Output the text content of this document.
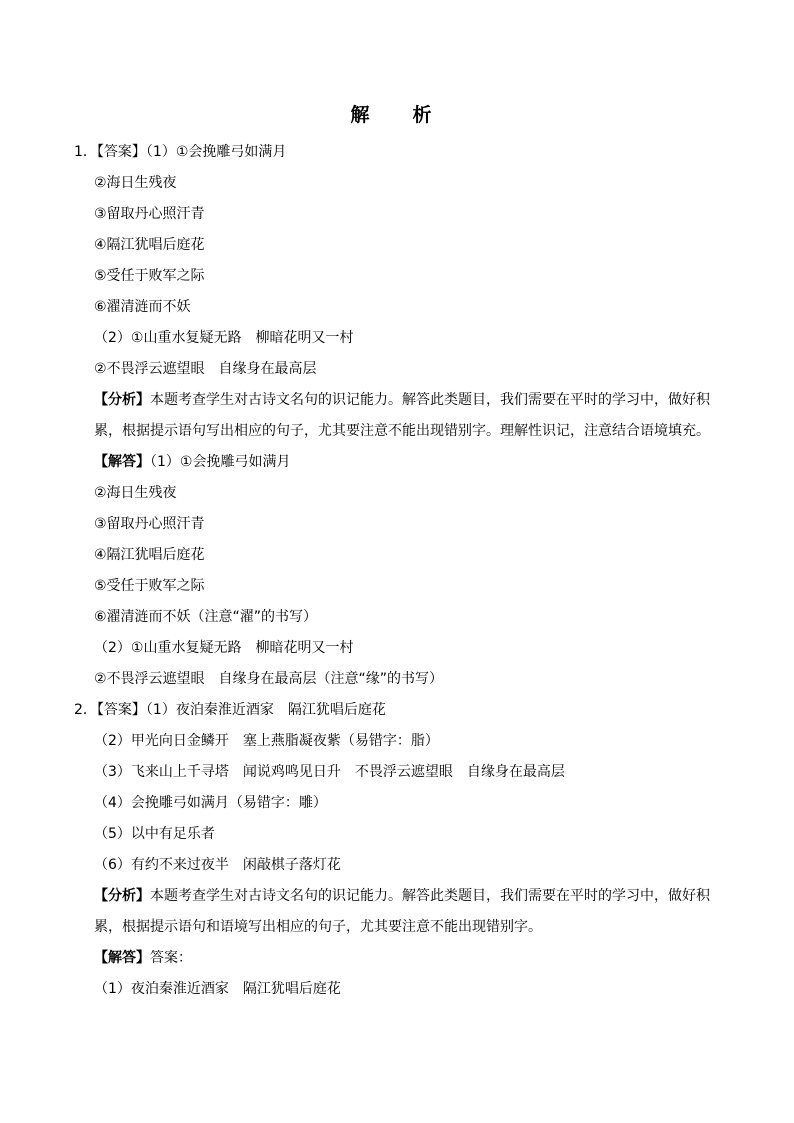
解　析
1．【答案】（1）①会挽雕弓如满月
②海日生残夜
③留取丹心照汗青
④隔江犹唱后庭花
⑤受任于败军之际
⑥濯清涟而不妖
（2）①山重水复疑无路　柳暗花明又一村
②不畏浮云遮望眼　自缘身在最高层
【分析】本题考查学生对古诗文名句的识记能力。解答此类题目，我们需要在平时的学习中，做好积累，根据提示语句写出相应的句子，尤其要注意不能出现错别字。理解性识记，注意结合语境填充。
【解答】（1）①会挽雕弓如满月
②海日生残夜
③留取丹心照汗青
④隔江犹唱后庭花
⑤受任于败军之际
⑥濯清涟而不妖（注意“濯”的书写）
（2）①山重水复疑无路　柳暗花明又一村
②不畏浮云遮望眼　自缘身在最高层（注意“缘”的书写）
2．【答案】（1）夜泊秦淮近酒家　隔江犹唱后庭花
（2）甲光向日金鳞开　塞上燕脂凝夜紫（易错字：脂）
（3）飞来山上千寻塔　闻说鸡鸣见日升　不畏浮云遮望眼　自缘身在最高层
（4）会挽雕弓如满月（易错字：雕）
（5）以中有足乐者
（6）有约不来过夜半　闲敲棋子落灯花
【分析】本题考查学生对古诗文名句的识记能力。解答此类题目，我们需要在平时的学习中，做好积累，根据提示语句和语境写出相应的句子，尤其要注意不能出现错别字。
【解答】答案：
（1）夜泊秦淮近酒家　隔江犹唱后庭花
